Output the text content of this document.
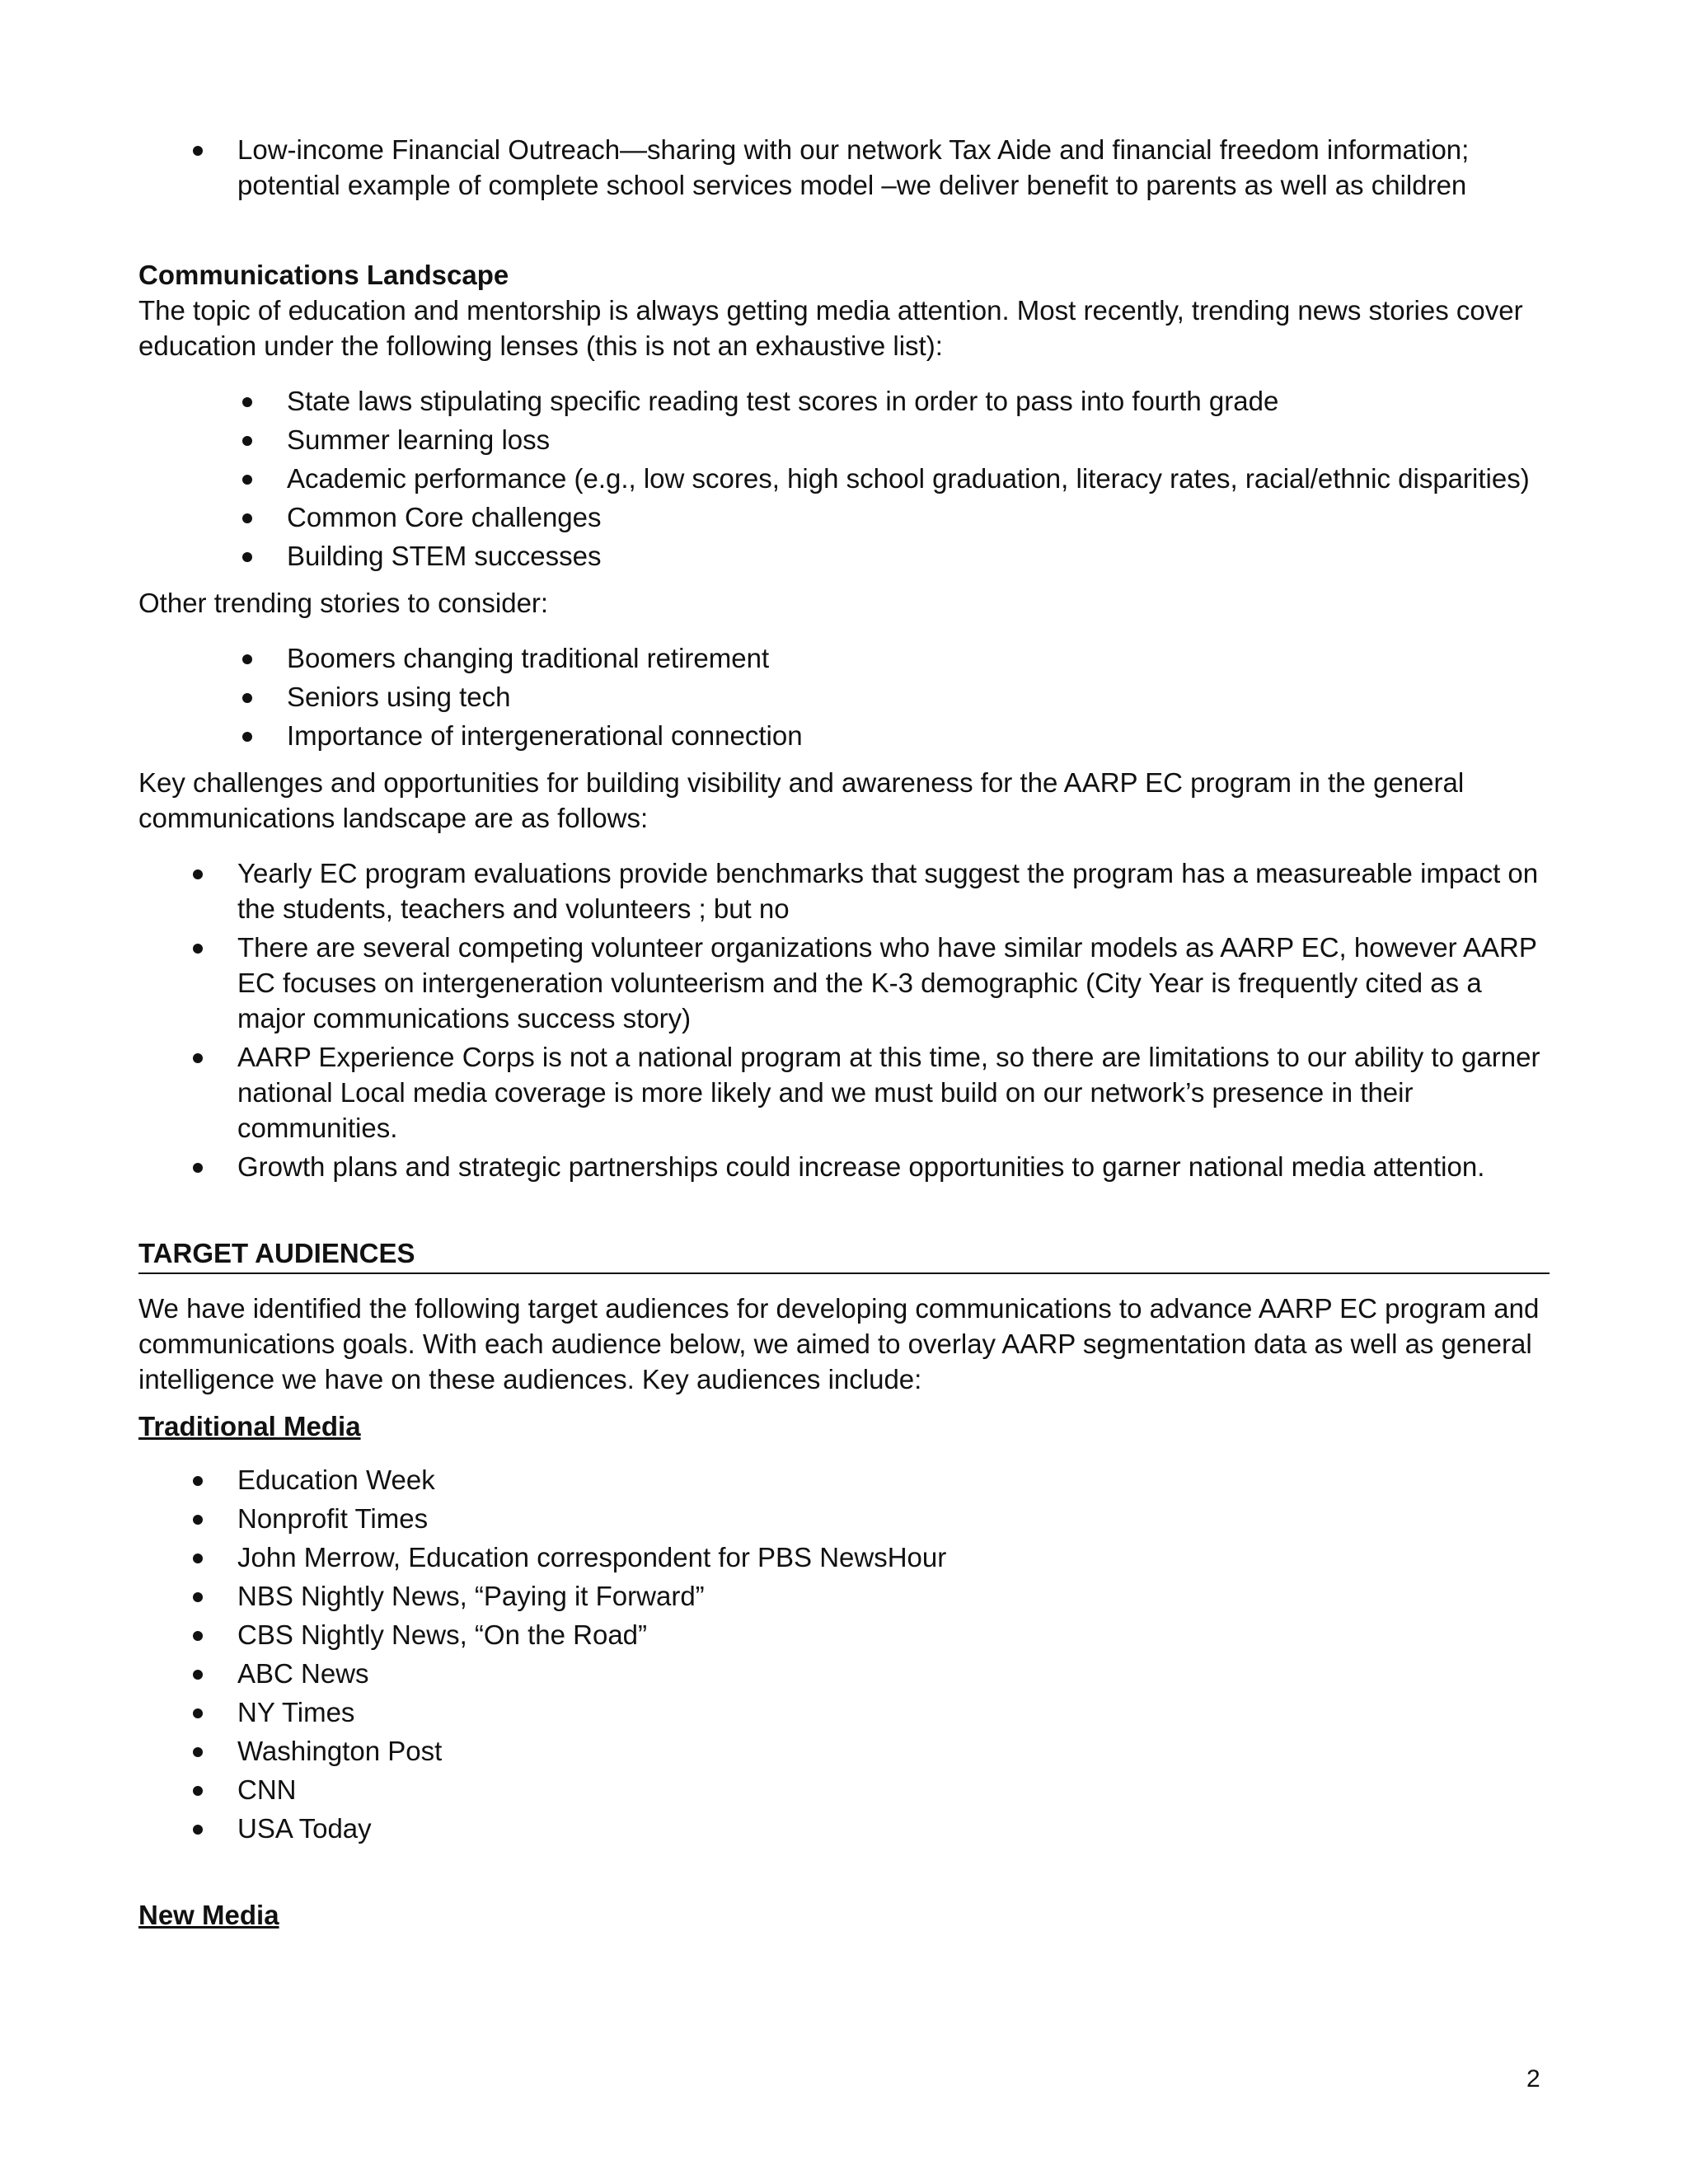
Low-income Financial Outreach—sharing with our network Tax Aide and financial freedom information; potential example of complete school services model –we deliver benefit to parents as well as children

Communications Landscape

The topic of education and mentorship is always getting media attention. Most recently, trending news stories cover education under the following lenses (this is not an exhaustive list):

State laws stipulating specific reading test scores in order to pass into fourth grade
Summer learning loss
Academic performance (e.g., low scores, high school graduation, literacy rates, racial/ethnic disparities)
Common Core challenges
Building STEM successes

Other trending stories to consider:

Boomers changing traditional retirement
Seniors using tech
Importance of intergenerational connection

Key challenges and opportunities for building visibility and awareness for the AARP EC program in the general communications landscape are as follows:

Yearly EC program evaluations provide benchmarks that suggest the program has a measureable impact on the students, teachers and volunteers ; but no
There are several competing volunteer organizations who have similar models as AARP EC, however AARP EC focuses on intergeneration volunteerism and the K-3 demographic (City Year is frequently cited as a major communications success story)
AARP Experience Corps is not a national program at this time, so there are limitations to our ability to garner national Local media coverage is more likely and we must build on our network’s presence in their communities.
Growth plans and strategic partnerships could increase opportunities to garner national media attention.

TARGET AUDIENCES

We have identified the following target audiences for developing communications to advance AARP EC program and communications goals. With each audience below, we aimed to overlay AARP segmentation data as well as general intelligence we have on these audiences. Key audiences include:

Traditional Media

Education Week
Nonprofit Times
John Merrow, Education correspondent for PBS NewsHour
NBS Nightly News, “Paying it Forward”
CBS Nightly News, “On the Road”
ABC News
NY Times
Washington Post
CNN
USA Today

New Media

2
